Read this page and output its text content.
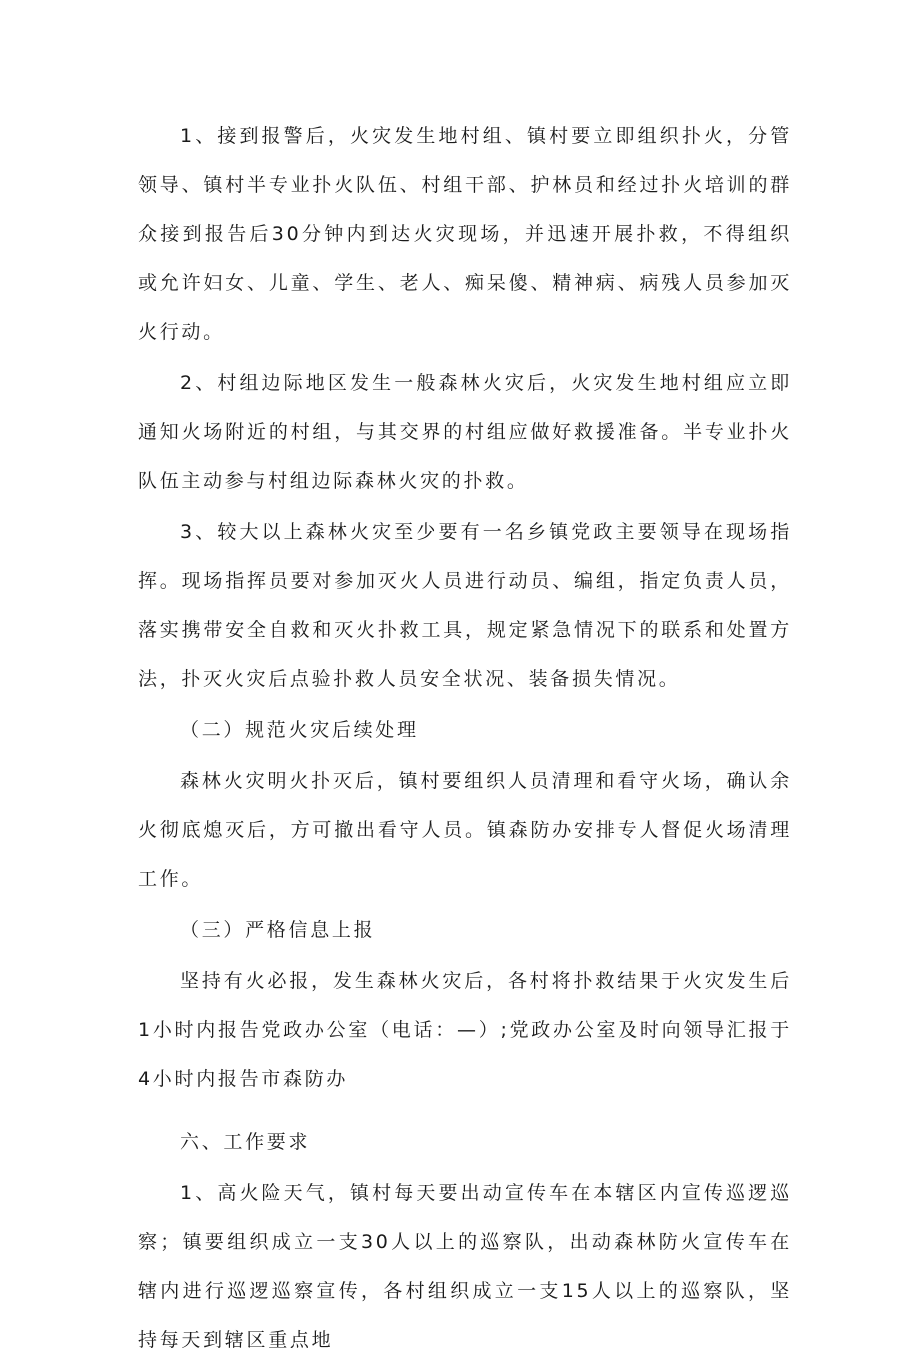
1、接到报警后，火灾发生地村组、镇村要立即组织扑火，分管领导、镇村半专业扑火队伍、村组干部、护林员和经过扑火培训的群众接到报告后30分钟内到达火灾现场，并迅速开展扑救，不得组织或允许妇女、儿童、学生、老人、痴呆傻、精神病、病残人员参加灭火行动。

2、村组边际地区发生一般森林火灾后，火灾发生地村组应立即通知火场附近的村组，与其交界的村组应做好救援准备。半专业扑火队伍主动参与村组边际森林火灾的扑救。

3、较大以上森林火灾至少要有一名乡镇党政主要领导在现场指挥。现场指挥员要对参加灭火人员进行动员、编组，指定负责人员，落实携带安全自救和灭火扑救工具，规定紧急情况下的联系和处置方法，扑灭火灾后点验扑救人员安全状况、装备损失情况。

（二）规范火灾后续处理

森林火灾明火扑灭后，镇村要组织人员清理和看守火场，确认余火彻底熄灭后，方可撤出看守人员。镇森防办安排专人督促火场清理工作。

（三）严格信息上报

坚持有火必报，发生森林火灾后，各村将扑救结果于火灾发生后1小时内报告党政办公室（电话：—）;党政办公室及时向领导汇报于4小时内报告市森防办

六、工作要求

1、高火险天气，镇村每天要出动宣传车在本辖区内宣传巡逻巡察；镇要组织成立一支30人以上的巡察队，出动森林防火宣传车在辖内进行巡逻巡察宣传，各村组织成立一支15人以上的巡察队，坚持每天到辖区重点地
